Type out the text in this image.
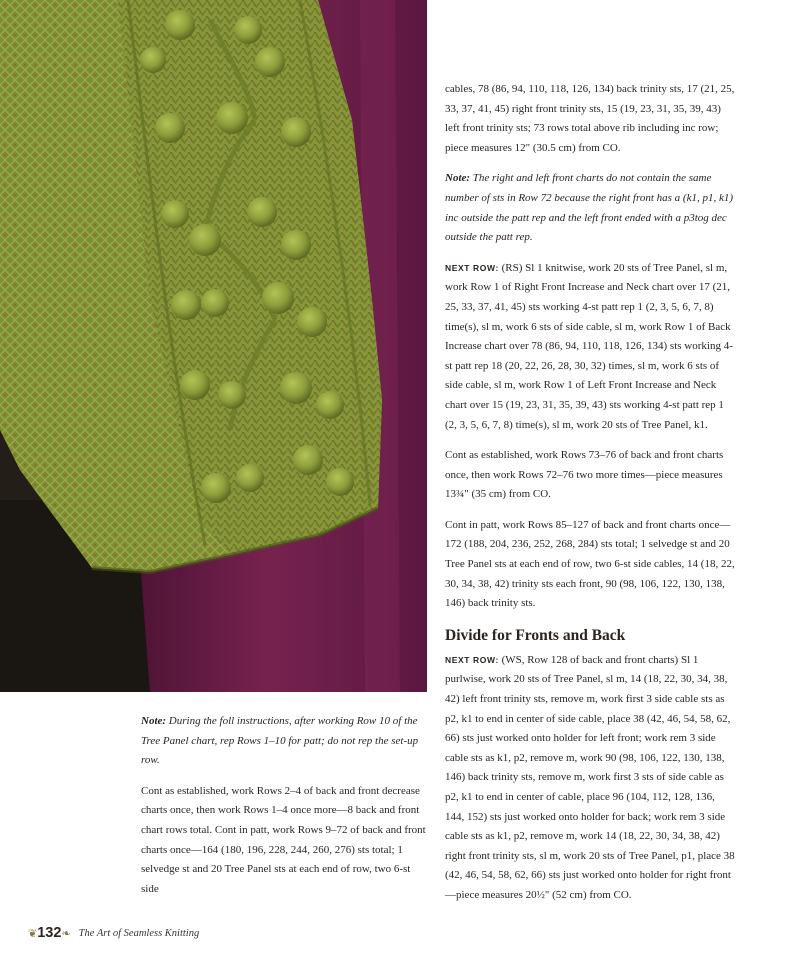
Note: During the foll instructions, after working Row 10 of the Tree Panel chart, rep Rows 1–10 for patt; do not rep the set-up row.

Cont as established, work Rows 2–4 of back and front decrease charts once, then work Rows 1–4 once more—8 back and front chart rows total. Cont in patt, work Rows 9–72 of back and front charts once—164 (180, 196, 228, 244, 260, 276) sts total; 1 selvedge st and 20 Tree Panel sts at each end of row, two 6-st side

cables, 78 (86, 94, 110, 118, 126, 134) back trinity sts, 17 (21, 25, 33, 37, 41, 45) right front trinity sts, 15 (19, 23, 31, 35, 39, 43) left front trinity sts; 73 rows total above rib including inc row; piece measures 12" (30.5 cm) from CO.

Note: The right and left front charts do not contain the same number of sts in Row 72 because the right front has a (k1, p1, k1) inc outside the patt rep and the left front ended with a p3tog dec outside the patt rep.

NEXT ROW: (RS) Sl 1 knitwise, work 20 sts of Tree Panel, sl m, work Row 1 of Right Front Increase and Neck chart over 17 (21, 25, 33, 37, 41, 45) sts working 4-st patt rep 1 (2, 3, 5, 6, 7, 8) time(s), sl m, work 6 sts of side cable, sl m, work Row 1 of Back Increase chart over 78 (86, 94, 110, 118, 126, 134) sts working 4-st patt rep 18 (20, 22, 26, 28, 30, 32) times, sl m, work 6 sts of side cable, sl m, work Row 1 of Left Front Increase and Neck chart over 15 (19, 23, 31, 35, 39, 43) sts working 4-st patt rep 1 (2, 3, 5, 6, 7, 8) time(s), sl m, work 20 sts of Tree Panel, k1.

Cont as established, work Rows 73–76 of back and front charts once, then work Rows 72–76 two more times—piece measures 13¾" (35 cm) from CO.

Cont in patt, work Rows 85–127 of back and front charts once—172 (188, 204, 236, 252, 268, 284) sts total; 1 selvedge st and 20 Tree Panel sts at each end of row, two 6-st side cables, 14 (18, 22, 30, 34, 38, 42) trinity sts each front, 90 (98, 106, 122, 130, 138, 146) back trinity sts.

Divide for Fronts and Back

NEXT ROW: (WS, Row 128 of back and front charts) Sl 1 purlwise, work 20 sts of Tree Panel, sl m, 14 (18, 22, 30, 34, 38, 42) left front trinity sts, remove m, work first 3 side cable sts as p2, k1 to end in center of side cable, place 38 (42, 46, 54, 58, 62, 66) sts just worked onto holder for left front; work rem 3 side cable sts as k1, p2, remove m, work 90 (98, 106, 122, 130, 138, 146) back trinity sts, remove m, work first 3 sts of side cable as p2, k1 to end in center of cable, place 96 (104, 112, 128, 136, 144, 152) sts just worked onto holder for back; work rem 3 side cable sts as k1, p2, remove m, work 14 (18, 22, 30, 34, 38, 42) right front trinity sts, sl m, work 20 sts of Tree Panel, p1, place 38 (42, 46, 54, 58, 62, 66) sts just worked onto holder for right front—piece measures 20½" (52 cm) from CO.

❦ 132 ❧ The Art of Seamless Knitting
